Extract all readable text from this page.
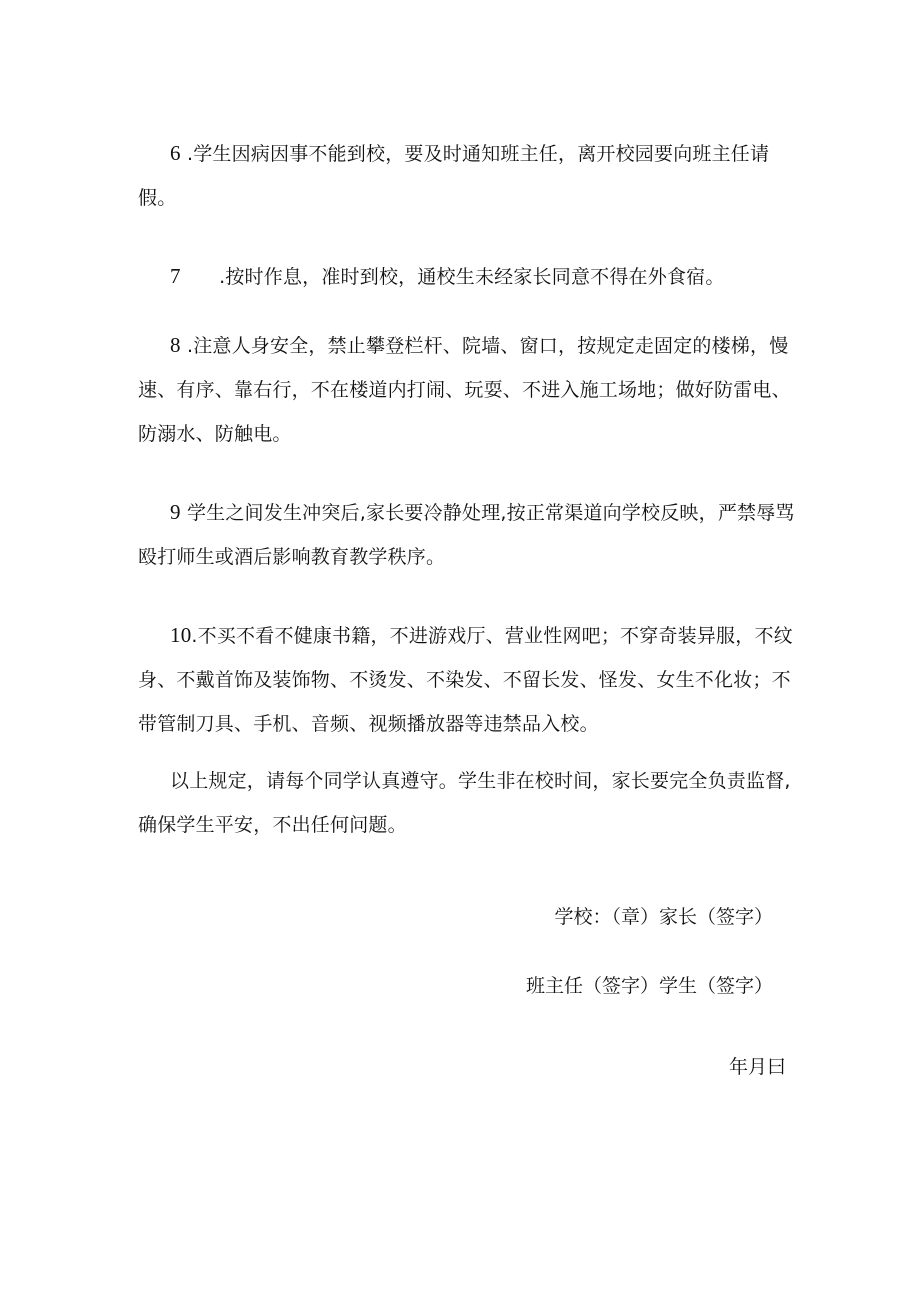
6 .学生因病因事不能到校，要及时通知班主任，离开校园要向班主任请假。
7　　.按时作息，准时到校，通校生未经家长同意不得在外食宿。
8 .注意人身安全，禁止攀登栏杆、院墙、窗口，按规定走固定的楼梯，慢速、有序、靠右行，不在楼道内打闹、玩耍、不进入施工场地；做好防雷电、防溺水、防触电。
9 学生之间发生冲突后,家长要冷静处理,按正常渠道向学校反映，严禁辱骂殴打师生或酒后影响教育教学秩序。
10.不买不看不健康书籍，不进游戏厅、营业性网吧；不穿奇装异服，不纹身、不戴首饰及装饰物、不烫发、不染发、不留长发、怪发、女生不化妆；不带管制刀具、手机、音频、视频播放器等违禁品入校。
以上规定，请每个同学认真遵守。学生非在校时间，家长要完全负责监督,确保学生平安，不出任何问题。
学校：（章）家长（签字）
班主任（签字）学生（签字）
年月曰
